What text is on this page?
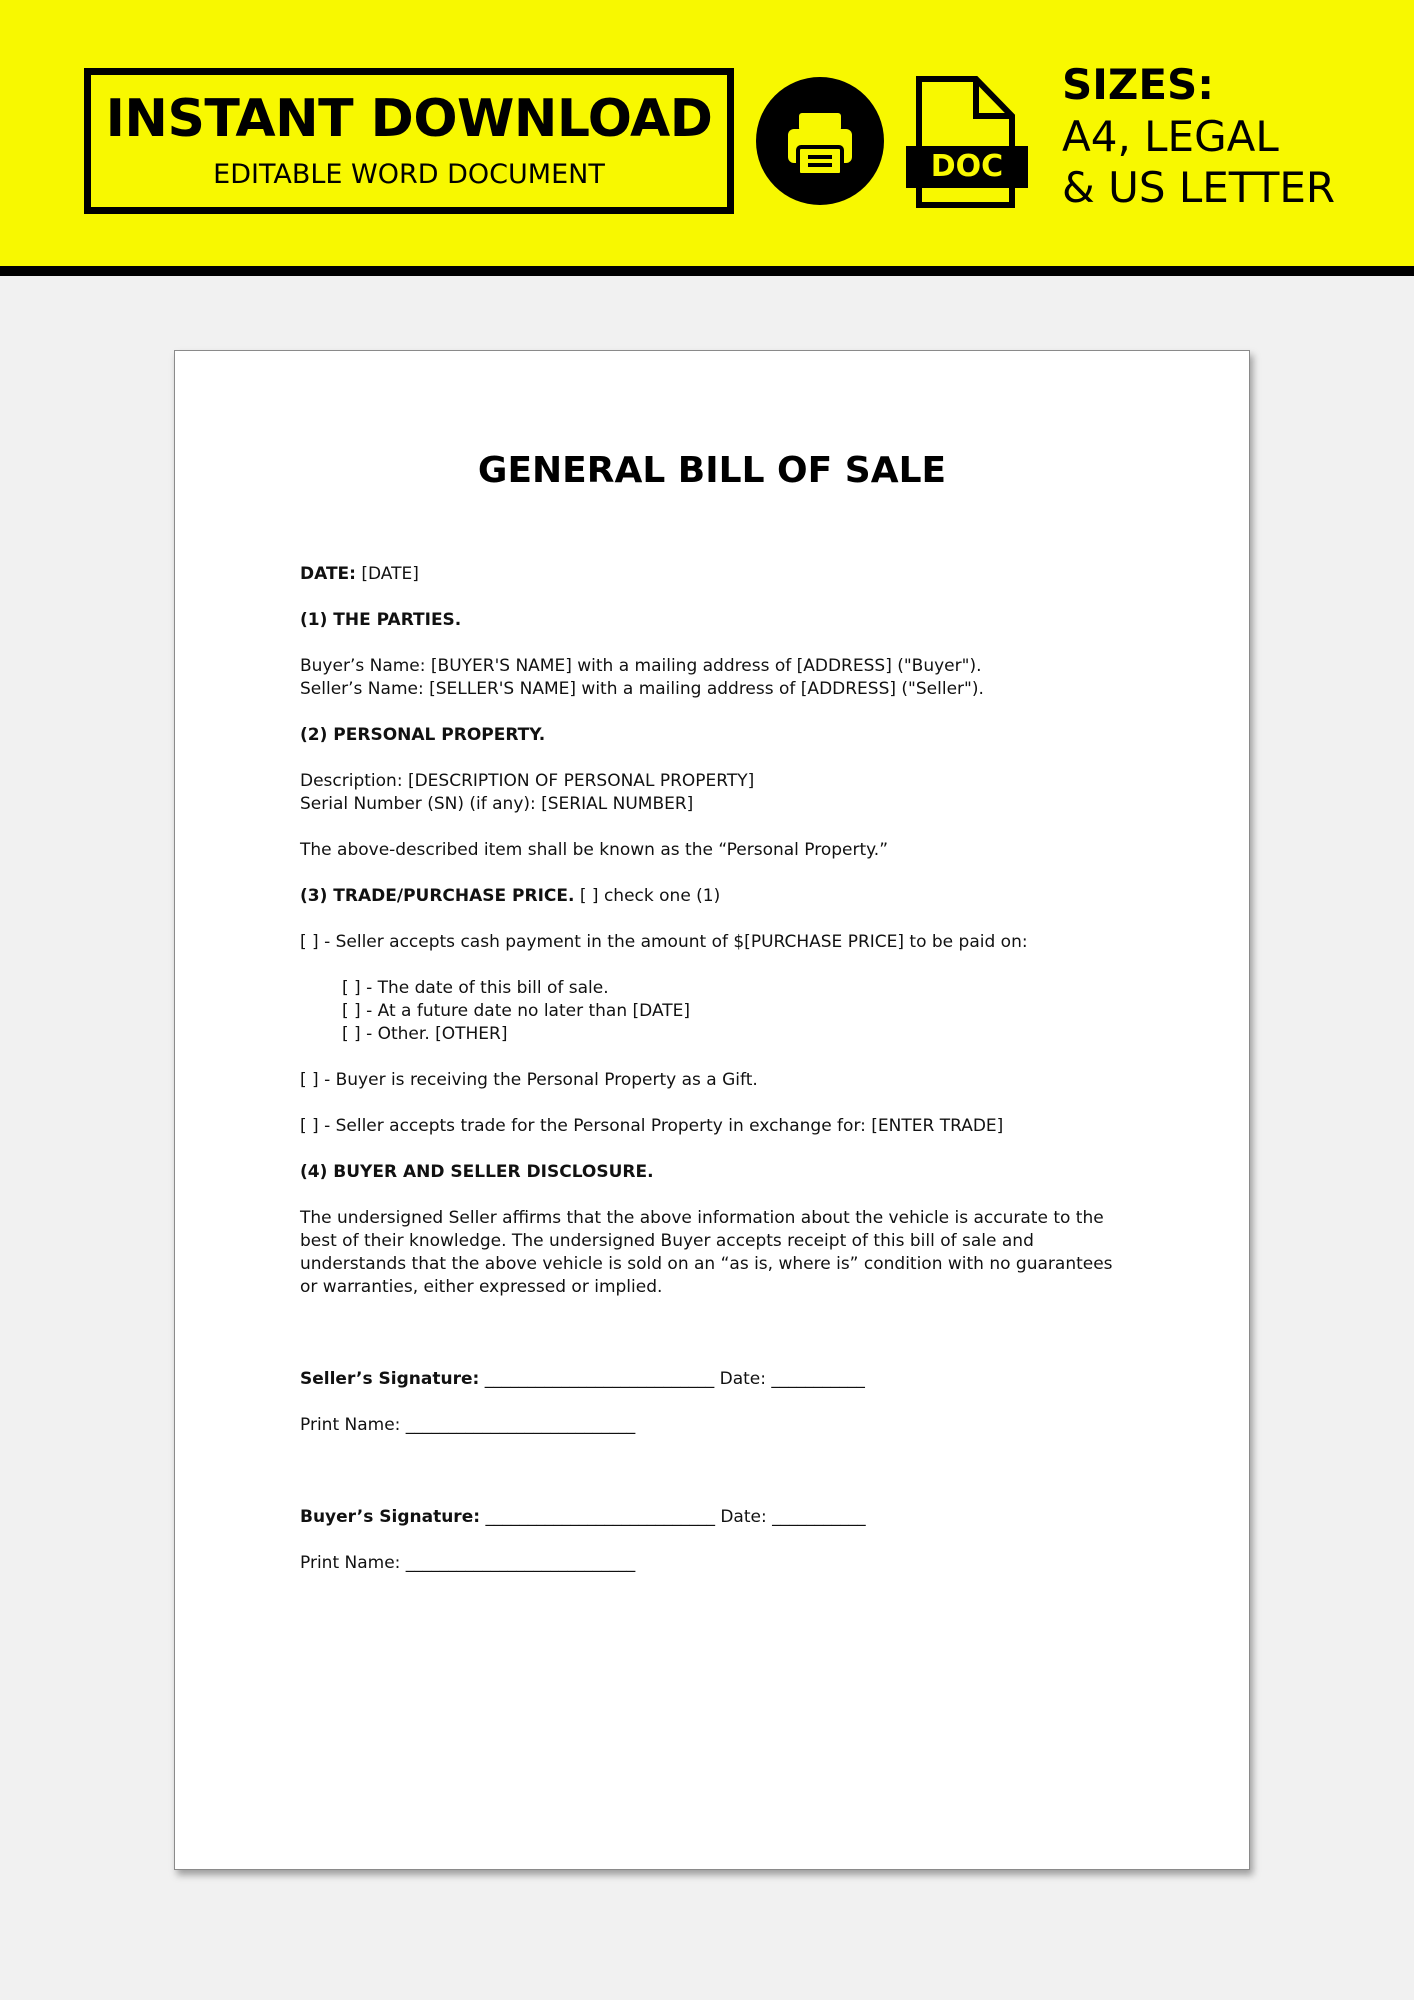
INSTANT DOWNLOAD
EDITABLE WORD DOCUMENT	DOC
SIZES:
A4, LEGAL
& US LETTER
GENERAL BILL OF SALE

DATE: [DATE]

(1) THE PARTIES.

Buyer’s Name: [BUYER'S NAME] with a mailing address of [ADDRESS] ("Buyer").

Seller’s Name: [SELLER'S NAME] with a mailing address of [ADDRESS] ("Seller").

(2) PERSONAL PROPERTY.

Description: [DESCRIPTION OF PERSONAL PROPERTY]

Serial Number (SN) (if any): [SERIAL NUMBER]

The above-described item shall be known as the “Personal Property.”

(3) TRADE/PURCHASE PRICE. [ ] check one (1)

[ ] - Seller accepts cash payment in the amount of $[PURCHASE PRICE] to be paid on:

[ ] - The date of this bill of sale.

[ ] - At a future date no later than [DATE]

[ ] - Other. [OTHER]

[ ] - Buyer is receiving the Personal Property as a Gift.

[ ] - Seller accepts trade for the Personal Property in exchange for: [ENTER TRADE]

(4) BUYER AND SELLER DISCLOSURE.

The undersigned Seller affirms that the above information about the vehicle is accurate to the best of their knowledge. The undersigned Buyer accepts receipt of this bill of sale and understands that the above vehicle is sold on an “as is, where is” condition with no guarantees or warranties, either expressed or implied.

Seller’s Signature: ___________________________ Date: ___________

Print Name: ___________________________

Buyer’s Signature: ___________________________ Date: ___________

Print Name: ___________________________
